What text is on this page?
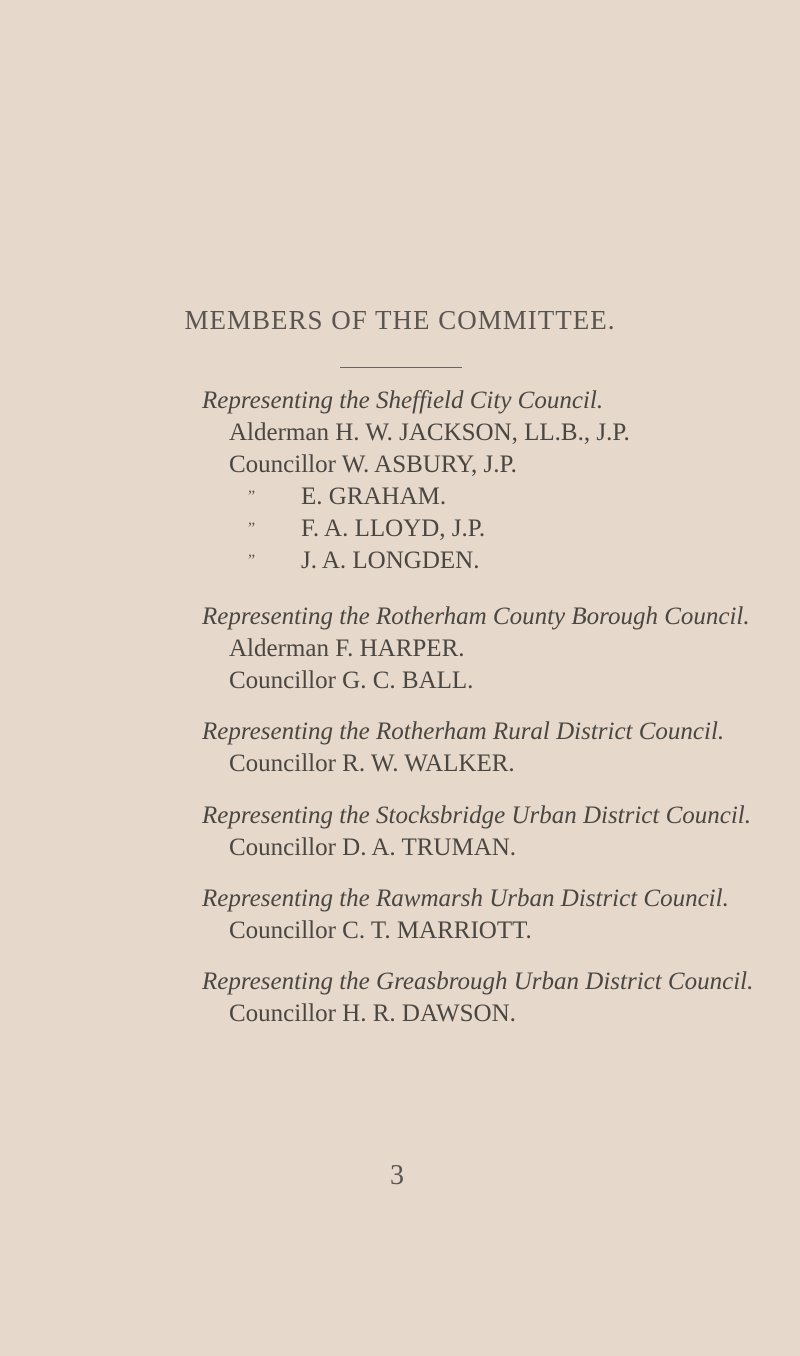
MEMBERS OF THE COMMITTEE.
Representing the Sheffield City Council.
Alderman H. W. JACKSON, LL.B., J.P.
Councillor W. ASBURY, J.P.
” E. GRAHAM.
” F. A. LLOYD, J.P.
” J. A. LONGDEN.
Representing the Rotherham County Borough Council.
Alderman F. HARPER.
Councillor G. C. BALL.
Representing the Rotherham Rural District Council.
Councillor R. W. WALKER.
Representing the Stocksbridge Urban District Council.
Councillor D. A. TRUMAN.
Representing the Rawmarsh Urban District Council.
Councillor C. T. MARRIOTT.
Representing the Greasbrough Urban District Council.
Councillor H. R. DAWSON.
3
